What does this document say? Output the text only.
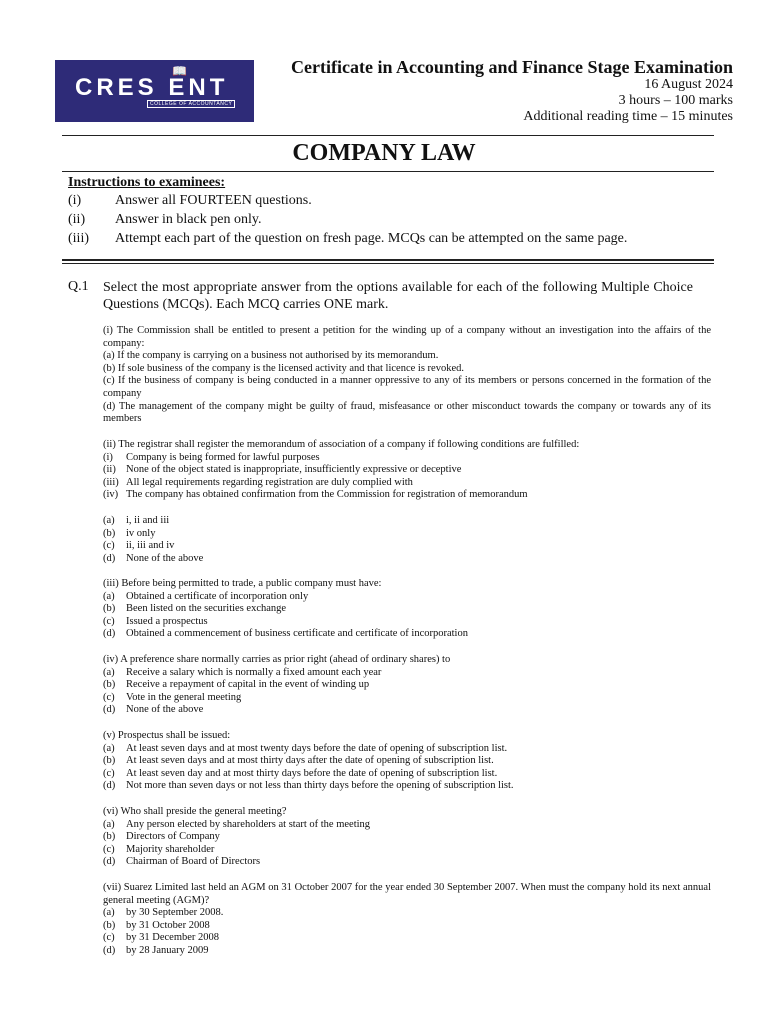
📖
CRES ENT
COLLEGE OF ACCOUNTANCY
Certificate in Accounting and Finance Stage Examination
16 August 2024
3 hours – 100 marks
Additional reading time – 15 minutes
COMPANY LAW
Instructions to examinees:
(i) Answer all FOURTEEN questions.
(ii) Answer in black pen only.
(iii) Attempt each part of the question on fresh page. MCQs can be attempted on the same page.
Q.1 Select the most appropriate answer from the options available for each of the following Multiple Choice Questions (MCQs). Each MCQ carries ONE mark.
(i) The Commission shall be entitled to present a petition for the winding up of a company without an investigation into the affairs of the company:
(a) If the company is carrying on a business not authorised by its memorandum.
(b) If sole business of the company is the licensed activity and that licence is revoked.
(c) If the business of company is being conducted in a manner oppressive to any of its members or persons concerned in the formation of the company
(d) The management of the company might be guilty of fraud, misfeasance or other misconduct towards the company or towards any of its members
(ii) The registrar shall register the memorandum of association of a company if following conditions are fulfilled:
(i) Company is being formed for lawful purposes
(ii) None of the object stated is inappropriate, insufficiently expressive or deceptive
(iii) All legal requirements regarding registration are duly complied with
(iv) The company has obtained confirmation from the Commission for registration of memorandum
(a) i, ii and iii
(b) iv only
(c) ii, iii and iv
(d) None of the above
(iii) Before being permitted to trade, a public company must have:
(a) Obtained a certificate of incorporation only
(b) Been listed on the securities exchange
(c) Issued a prospectus
(d) Obtained a commencement of business certificate and certificate of incorporation
(iv) A preference share normally carries as prior right (ahead of ordinary shares) to
(a) Receive a salary which is normally a fixed amount each year
(b) Receive a repayment of capital in the event of winding up
(c) Vote in the general meeting
(d) None of the above
(v) Prospectus shall be issued:
(a) At least seven days and at most twenty days before the date of opening of subscription list.
(b) At least seven days and at most thirty days after the date of opening of subscription list.
(c) At least seven day and at most thirty days before the date of opening of subscription list.
(d) Not more than seven days or not less than thirty days before the opening of subscription list.
(vi) Who shall preside the general meeting?
(a) Any person elected by shareholders at start of the meeting
(b) Directors of Company
(c) Majority shareholder
(d) Chairman of Board of Directors
(vii) Suarez Limited last held an AGM on 31 October 2007 for the year ended 30 September 2007. When must the company hold its next annual general meeting (AGM)?
(a) by 30 September 2008.
(b) by 31 October 2008
(c) by 31 December 2008
(d) by 28 January 2009
